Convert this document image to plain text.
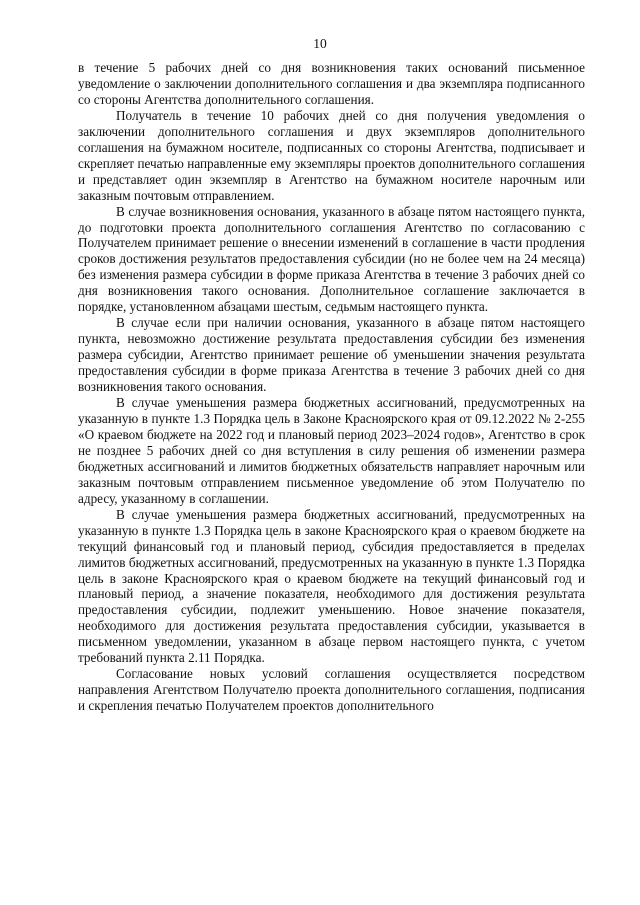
10

в течение 5 рабочих дней со дня возникновения таких оснований письменное уведомление о заключении дополнительного соглашения и два экземпляра подписанного со стороны Агентства дополнительного соглашения.

Получатель в течение 10 рабочих дней со дня получения уведомления о заключении дополнительного соглашения и двух экземпляров дополнительного соглашения на бумажном носителе, подписанных со стороны Агентства, подписывает и скрепляет печатью направленные ему экземпляры проектов дополнительного соглашения и представляет один экземпляр в Агентство на бумажном носителе нарочным или заказным почтовым отправлением.

В случае возникновения основания, указанного в абзаце пятом настоящего пункта, до подготовки проекта дополнительного соглашения Агентство по согласованию с Получателем принимает решение о внесении изменений в соглашение в части продления сроков достижения результатов предоставления субсидии (но не более чем на 24 месяца) без изменения размера субсидии в форме приказа Агентства в течение 3 рабочих дней со дня возникновения такого основания. Дополнительное соглашение заключается в порядке, установленном абзацами шестым, седьмым настоящего пункта.

В случае если при наличии основания, указанного в абзаце пятом настоящего пункта, невозможно достижение результата предоставления субсидии без изменения размера субсидии, Агентство принимает решение об уменьшении значения результата предоставления субсидии в форме приказа Агентства в течение 3 рабочих дней со дня возникновения такого основания.

В случае уменьшения размера бюджетных ассигнований, предусмотренных на указанную в пункте 1.3 Порядка цель в Законе Красноярского края от 09.12.2022 № 2-255 «О краевом бюджете на 2022 год и плановый период 2023–2024 годов», Агентство в срок не позднее 5 рабочих дней со дня вступления в силу решения об изменении размера бюджетных ассигнований и лимитов бюджетных обязательств направляет нарочным или заказным почтовым отправлением письменное уведомление об этом Получателю по адресу, указанному в соглашении.

В случае уменьшения размера бюджетных ассигнований, предусмотренных на указанную в пункте 1.3 Порядка цель в законе Красноярского края о краевом бюджете на текущий финансовый год и плановый период, субсидия предоставляется в пределах лимитов бюджетных ассигнований, предусмотренных на указанную в пункте 1.3 Порядка цель в законе Красноярского края о краевом бюджете на текущий финансовый год и плановый период, а значение показателя, необходимого для достижения результата предоставления субсидии, подлежит уменьшению. Новое значение показателя, необходимого для достижения результата предоставления субсидии, указывается в письменном уведомлении, указанном в абзаце первом настоящего пункта, с учетом требований пункта 2.11 Порядка.

Согласование новых условий соглашения осуществляется посредством направления Агентством Получателю проекта дополнительного соглашения, подписания и скрепления печатью Получателем проектов дополнительного
